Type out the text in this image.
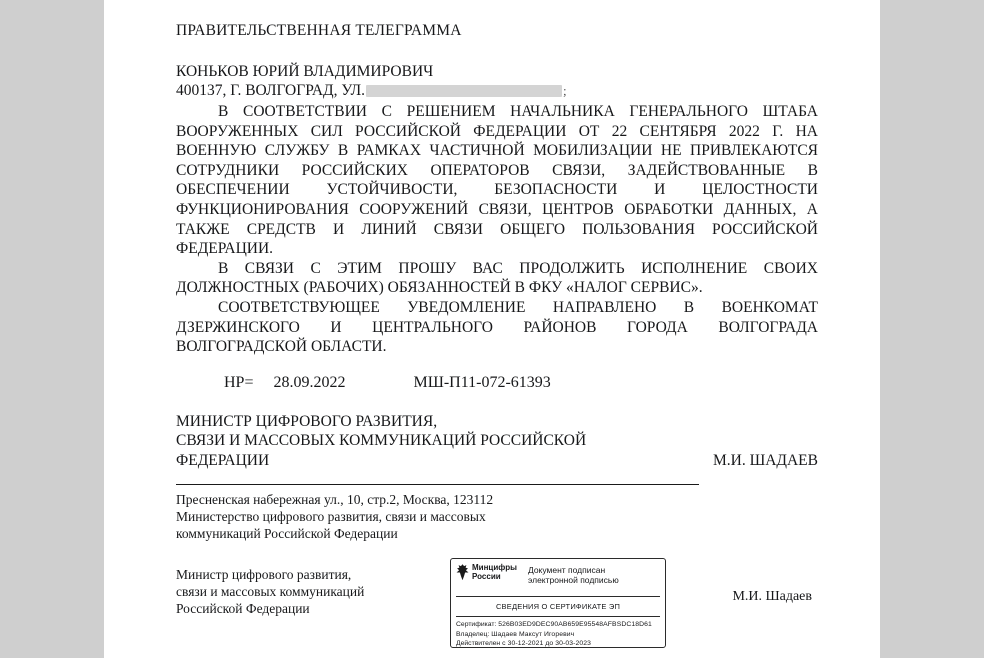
ПРАВИТЕЛЬСТВЕННАЯ ТЕЛЕГРАММА
КОНЬКОВ ЮРИЙ ВЛАДИМИРОВИЧ
400137, Г. ВОЛГОГРАД, УЛ.	;

В СООТВЕТСТВИИ С РЕШЕНИЕМ НАЧАЛЬНИКА ГЕНЕРАЛЬНОГО ШТАБА ВООРУЖЕННЫХ СИЛ РОССИЙСКОЙ ФЕДЕРАЦИИ ОТ 22 СЕНТЯБРЯ 2022 Г. НА ВОЕННУЮ СЛУЖБУ В РАМКАХ ЧАСТИЧНОЙ МОБИЛИЗАЦИИ НЕ ПРИВЛЕКАЮТСЯ СОТРУДНИКИ РОССИЙСКИХ ОПЕРАТОРОВ СВЯЗИ, ЗАДЕЙСТВОВАННЫЕ В ОБЕСПЕЧЕНИИ УСТОЙЧИВОСТИ, БЕЗОПАСНОСТИ И ЦЕЛОСТНОСТИ ФУНКЦИОНИРОВАНИЯ СООРУЖЕНИЙ СВЯЗИ, ЦЕНТРОВ ОБРАБОТКИ ДАННЫХ, А ТАКЖЕ СРЕДСТВ И ЛИНИЙ СВЯЗИ ОБЩЕГО ПОЛЬЗОВАНИЯ РОССИЙСКОЙ ФЕДЕРАЦИИ.

В СВЯЗИ С ЭТИМ ПРОШУ ВАС ПРОДОЛЖИТЬ ИСПОЛНЕНИЕ СВОИХ ДОЛЖНОСТНЫХ (РАБОЧИХ) ОБЯЗАННОСТЕЙ В ФКУ «НАЛОГ СЕРВИС».

СООТВЕТСТВУЮЩЕЕ УВЕДОМЛЕНИЕ НАПРАВЛЕНО В ВОЕНКОМАТ ДЗЕРЖИНСКОГО И ЦЕНТРАЛЬНОГО РАЙОНОВ ГОРОДА ВОЛГОГРАДА ВОЛГОГРАДСКОЙ ОБЛАСТИ.

НР= 28.09.2022	МШ-П11-072-61393
МИНИСТР ЦИФРОВОГО РАЗВИТИЯ,
СВЯЗИ И МАССОВЫХ КОММУНИКАЦИЙ РОССИЙСКОЙ
ФЕДЕРАЦИИ	М.И. ШАДАЕВ
Пресненская набережная ул., 10, стр.2, Москва, 123112
Министерство цифрового развития, связи и массовых
коммуникаций Российской Федерации
Министр цифрового развития,
связи и массовых коммуникаций
Российской Федерации
Минцифры
России
Документ подписан
электронной подписью
СВЕДЕНИЯ О СЕРТИФИКАТЕ ЭП
Сертификат: 526B03ED9DEC90AB659E95548AFBSDC18D61
Владелец: Шадаев Максут Игоревич
Действителен с 30-12-2021 до 30-03-2023
М.И. Шадаев
